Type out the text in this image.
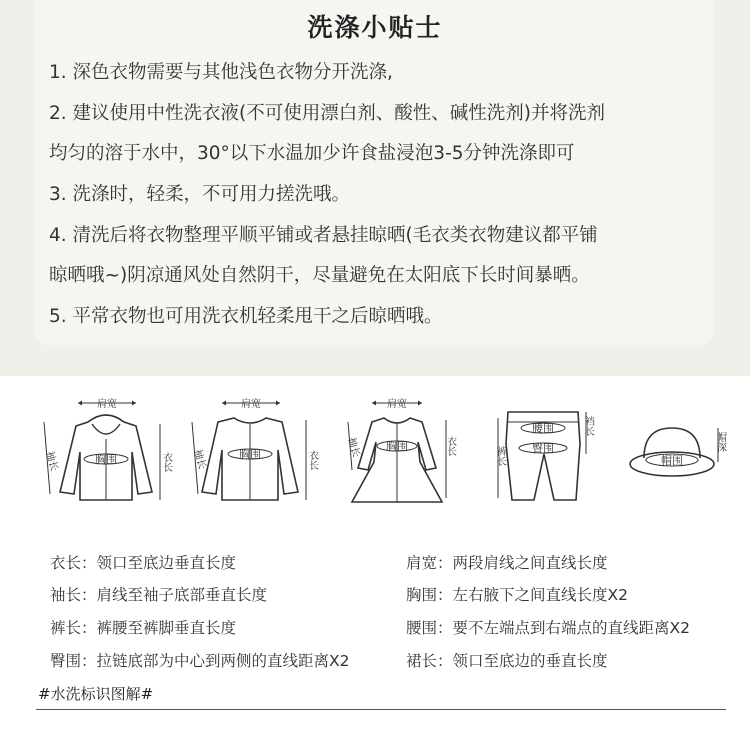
洗涤小贴士
1. 深色衣物需要与其他浅色衣物分开洗涤,
2. 建议使用中性洗衣液(不可使用漂白剂、酸性、碱性洗剂)并将洗剂
均匀的溶于水中，30°以下水温加少许食盐浸泡3-5分钟洗涤即可
3. 洗涤时，轻柔，不可用力搓洗哦。
4. 清洗后将衣物整理平顺平铺或者悬挂晾晒(毛衣类衣物建议都平铺
晾晒哦~)阴凉通风处自然阴干，尽量避免在太阳底下长时间暴晒。
5. 平常衣物也可用洗衣机轻柔甩干之后晾晒哦。
肩宽
胸围
袖长	衣长
肩宽
胸围
袖长	衣长
肩宽
胸围
袖长	衣长
腰围
臀围
裤长
裆长
帽围
帽深
衣长：领口至底边垂直长度	肩宽：两段肩线之间直线长度
袖长：肩线至袖子底部垂直长度	胸围：左右腋下之间直线长度X2
裤长：裤腰至裤脚垂直长度	腰围：要不左端点到右端点的直线距离X2
臀围：拉链底部为中心到两侧的直线距离X2	裙长：领口至底边的垂直长度
#水洗标识图解#
